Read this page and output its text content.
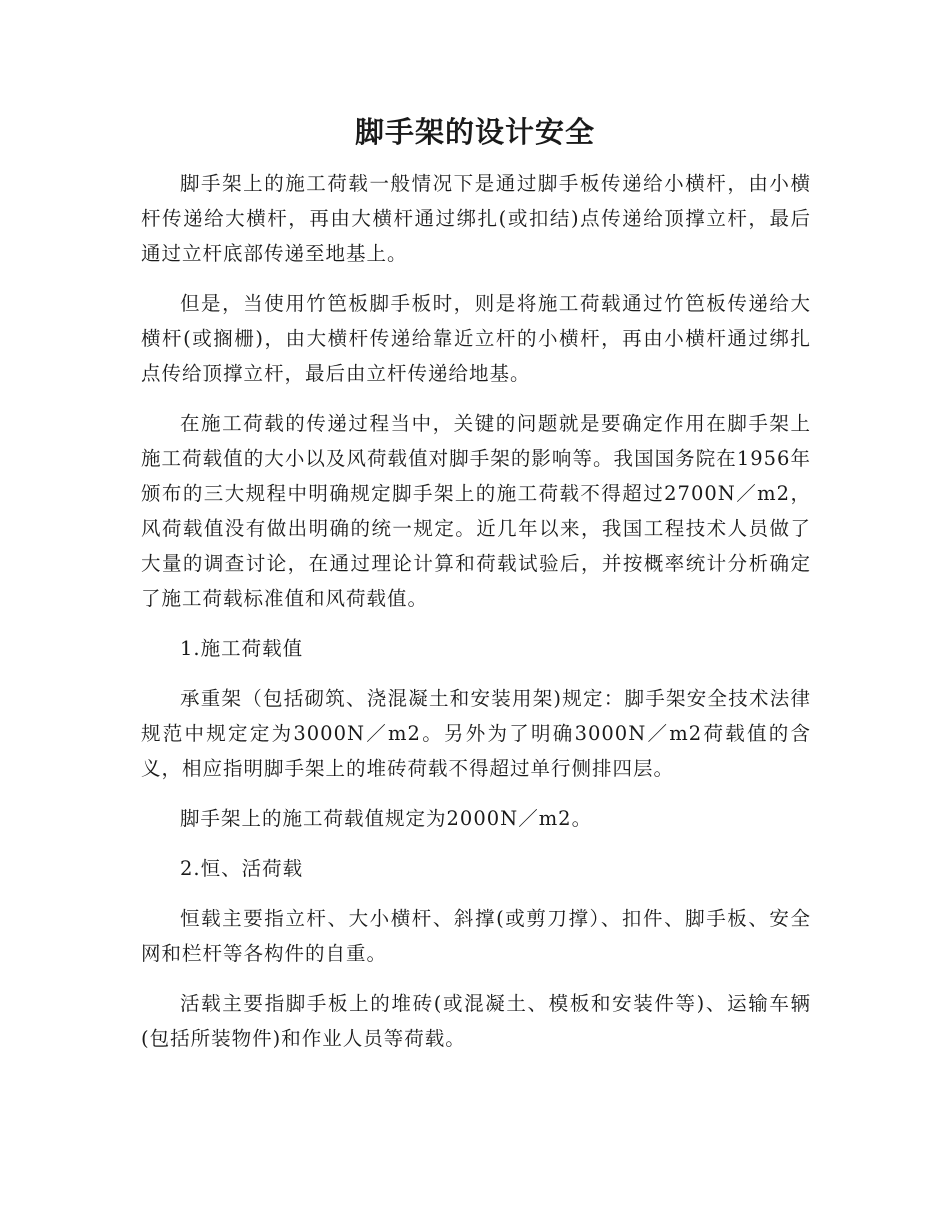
脚手架的设计安全

脚手架上的施工荷载一般情况下是通过脚手板传递给小横杆，由小横杆传递给大横杆，再由大横杆通过绑扎(或扣结)点传递给顶撑立杆，最后通过立杆底部传递至地基上。

但是，当使用竹笆板脚手板时，则是将施工荷载通过竹笆板传递给大横杆(或搁栅)，由大横杆传递给靠近立杆的小横杆，再由小横杆通过绑扎点传给顶撑立杆，最后由立杆传递给地基。

在施工荷载的传递过程当中，关键的问题就是要确定作用在脚手架上施工荷载值的大小以及风荷载值对脚手架的影响等。我国国务院在1956年颁布的三大规程中明确规定脚手架上的施工荷载不得超过2700N／m2，风荷载值没有做出明确的统一规定。近几年以来，我国工程技术人员做了大量的调查讨论，在通过理论计算和荷载试验后，并按概率统计分析确定了施工荷载标准值和风荷载值。

1.施工荷载值

承重架（包括砌筑、浇混凝土和安装用架)规定：脚手架安全技术法律规范中规定定为3000N／m2。另外为了明确3000N／m2荷载值的含义，相应指明脚手架上的堆砖荷载不得超过单行侧排四层。

脚手架上的施工荷载值规定为2000N／m2。

2.恒、活荷载

恒载主要指立杆、大小横杆、斜撑(或剪刀撑）、扣件、脚手板、安全网和栏杆等各构件的自重。

活载主要指脚手板上的堆砖(或混凝土、模板和安装件等)、运输车辆(包括所装物件)和作业人员等荷载。
